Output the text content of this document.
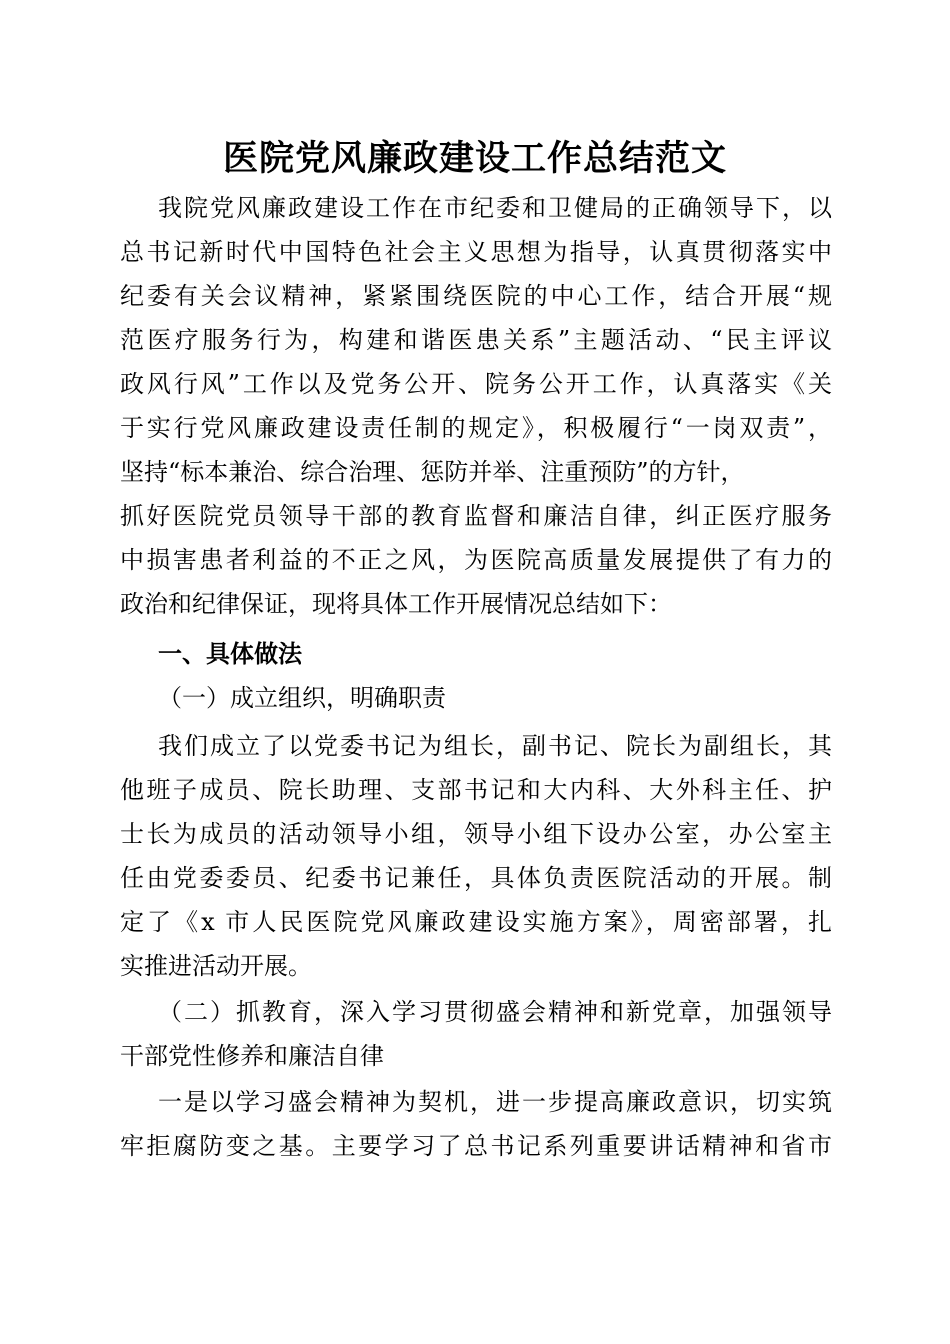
医院党风廉政建设工作总结范文
我院党风廉政建设工作在市纪委和卫健局的正确领导下，以
总书记新时代中国特色社会主义思想为指导，认真贯彻落实中
纪委有关会议精神，紧紧围绕医院的中心工作，结合开展“规
范医疗服务行为，构建和谐医患关系”主题活动、“民主评议
政风行风”工作以及党务公开、院务公开工作，认真落实《关
于实行党风廉政建设责任制的规定》，积极履行“一岗双责”，
坚持“标本兼治、综合治理、惩防并举、注重预防”的方针，
抓好医院党员领导干部的教育监督和廉洁自律，纠正医疗服务
中损害患者利益的不正之风，为医院高质量发展提供了有力的
政治和纪律保证，现将具体工作开展情况总结如下：
一、具体做法
（一）成立组织，明确职责
我们成立了以党委书记为组长，副书记、院长为副组长，其
他班子成员、院长助理、支部书记和大内科、大外科主任、护
士长为成员的活动领导小组，领导小组下设办公室，办公室主
任由党委委员、纪委书记兼任，具体负责医院活动的开展。制
定了《x 市人民医院党风廉政建设实施方案》，周密部署，扎
实推进活动开展。
（二）抓教育，深入学习贯彻盛会精神和新党章，加强领导
干部党性修养和廉洁自律
一是以学习盛会精神为契机，进一步提高廉政意识，切实筑
牢拒腐防变之基。主要学习了总书记系列重要讲话精神和省市
